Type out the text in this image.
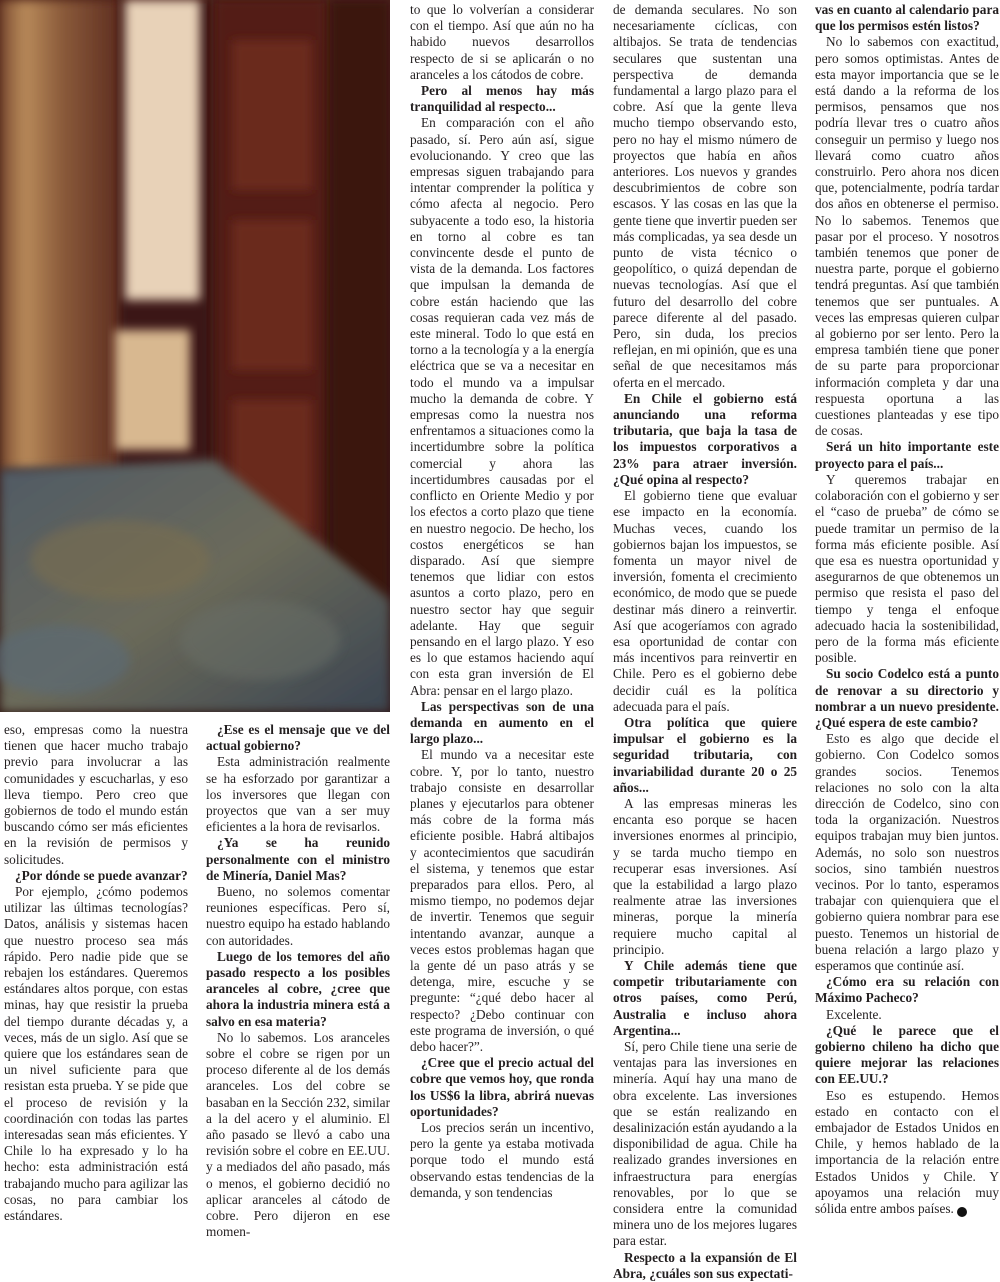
eso, empresas como la nuestra tienen que hacer mucho trabajo previo para involucrar a las comunidades y escucharlas, y eso lleva tiempo. Pero creo que gobiernos de todo el mundo están buscando cómo ser más eficientes en la revisión de permisos y solicitudes.

¿Por dónde se puede avanzar?

Por ejemplo, ¿cómo podemos utilizar las últimas tecnologías? Datos, análisis y sistemas hacen que nuestro proceso sea más rápido. Pero nadie pide que se rebajen los estándares. Queremos estándares altos porque, con estas minas, hay que resistir la prueba del tiempo durante décadas y, a veces, más de un siglo. Así que se quiere que los estándares sean de un nivel suficiente para que resistan esta prueba. Y se pide que el proceso de revisión y la coordinación con todas las partes interesadas sean más eficientes. Y Chile lo ha expresado y lo ha hecho: esta administración está trabajando mucho para agilizar las cosas, no para cambiar los estándares.

¿Ese es el mensaje que ve del actual gobierno?

Esta administración realmente se ha esforzado por garantizar a los inversores que llegan con proyectos que van a ser muy eficientes a la hora de revisarlos.

¿Ya se ha reunido personalmente con el ministro de Minería, Daniel Mas?

Bueno, no solemos comentar reuniones específicas. Pero sí, nuestro equipo ha estado hablando con autoridades.

Luego de los temores del año pasado respecto a los posibles aranceles al cobre, ¿cree que ahora la industria minera está a salvo en esa materia?

No lo sabemos. Los aranceles sobre el cobre se rigen por un proceso diferente al de los demás aranceles. Los del cobre se basaban en la Sección 232, similar a la del acero y el aluminio. El año pasado se llevó a cabo una revisión sobre el cobre en EE.UU. y a mediados del año pasado, más o menos, el gobierno decidió no aplicar aranceles al cátodo de cobre. Pero dijeron en ese momen-

to que lo volverían a considerar con el tiempo. Así que aún no ha habido nuevos desarrollos respecto de si se aplicarán o no aranceles a los cátodos de cobre.

Pero al menos hay más tranquilidad al respecto...

En comparación con el año pasado, sí. Pero aún así, sigue evolucionando. Y creo que las empresas siguen trabajando para intentar comprender la política y cómo afecta al negocio. Pero subyacente a todo eso, la historia en torno al cobre es tan convincente desde el punto de vista de la demanda. Los factores que impulsan la demanda de cobre están haciendo que las cosas requieran cada vez más de este mineral. Todo lo que está en torno a la tecnología y a la energía eléctrica que se va a necesitar en todo el mundo va a impulsar mucho la demanda de cobre. Y empresas como la nuestra nos enfrentamos a situaciones como la incertidumbre sobre la política comercial y ahora las incertidumbres causadas por el conflicto en Oriente Medio y por los efectos a corto plazo que tiene en nuestro negocio. De hecho, los costos energéticos se han disparado. Así que siempre tenemos que lidiar con estos asuntos a corto plazo, pero en nuestro sector hay que seguir adelante. Hay que seguir pensando en el largo plazo. Y eso es lo que estamos haciendo aquí con esta gran inversión de El Abra: pensar en el largo plazo.

Las perspectivas son de una demanda en aumento en el largo plazo...

El mundo va a necesitar este cobre. Y, por lo tanto, nuestro trabajo consiste en desarrollar planes y ejecutarlos para obtener más cobre de la forma más eficiente posible. Habrá altibajos y acontecimientos que sacudirán el sistema, y tenemos que estar preparados para ellos. Pero, al mismo tiempo, no podemos dejar de invertir. Tenemos que seguir intentando avanzar, aunque a veces estos problemas hagan que la gente dé un paso atrás y se detenga, mire, escuche y se pregunte: “¿qué debo hacer al respecto? ¿Debo continuar con este programa de inversión, o qué debo hacer?”.

¿Cree que el precio actual del cobre que vemos hoy, que ronda los US$6 la libra, abrirá nuevas oportunidades?

Los precios serán un incentivo, pero la gente ya estaba motivada porque todo el mundo está observando estas tendencias de la demanda, y son tendencias

de demanda seculares. No son necesariamente cíclicas, con altibajos. Se trata de tendencias seculares que sustentan una perspectiva de demanda fundamental a largo plazo para el cobre. Así que la gente lleva mucho tiempo observando esto, pero no hay el mismo número de proyectos que había en años anteriores. Los nuevos y grandes descubrimientos de cobre son escasos. Y las cosas en las que la gente tiene que invertir pueden ser más complicadas, ya sea desde un punto de vista técnico o geopolítico, o quizá dependan de nuevas tecnologías. Así que el futuro del desarrollo del cobre parece diferente al del pasado. Pero, sin duda, los precios reflejan, en mi opinión, que es una señal de que necesitamos más oferta en el mercado.

En Chile el gobierno está anunciando una reforma tributaria, que baja la tasa de los impuestos corporativos a 23% para atraer inversión. ¿Qué opina al respecto?

El gobierno tiene que evaluar ese impacto en la economía. Muchas veces, cuando los gobiernos bajan los impuestos, se fomenta un mayor nivel de inversión, fomenta el crecimiento económico, de modo que se puede destinar más dinero a reinvertir. Así que acogeríamos con agrado esa oportunidad de contar con más incentivos para reinvertir en Chile. Pero es el gobierno debe decidir cuál es la política adecuada para el país.

Otra política que quiere impulsar el gobierno es la seguridad tributaria, con invariabilidad durante 20 o 25 años...

A las empresas mineras les encanta eso porque se hacen inversiones enormes al principio, y se tarda mucho tiempo en recuperar esas inversiones. Así que la estabilidad a largo plazo realmente atrae las inversiones mineras, porque la minería requiere mucho capital al principio.

Y Chile además tiene que competir tributariamente con otros países, como Perú, Australia e incluso ahora Argentina...

Sí, pero Chile tiene una serie de ventajas para las inversiones en minería. Aquí hay una mano de obra excelente. Las inversiones que se están realizando en desalinización están ayudando a la disponibilidad de agua. Chile ha realizado grandes inversiones en infraestructura para energías renovables, por lo que se considera entre la comunidad minera uno de los mejores lugares para estar.

Respecto a la expansión de El Abra, ¿cuáles son sus expectati-

vas en cuanto al calendario para que los permisos estén listos?

No lo sabemos con exactitud, pero somos optimistas. Antes de esta mayor importancia que se le está dando a la reforma de los permisos, pensamos que nos podría llevar tres o cuatro años conseguir un permiso y luego nos llevará como cuatro años construirlo. Pero ahora nos dicen que, potencialmente, podría tardar dos años en obtenerse el permiso. No lo sabemos. Tenemos que pasar por el proceso. Y nosotros también tenemos que poner de nuestra parte, porque el gobierno tendrá preguntas. Así que también tenemos que ser puntuales. A veces las empresas quieren culpar al gobierno por ser lento. Pero la empresa también tiene que poner de su parte para proporcionar información completa y dar una respuesta oportuna a las cuestiones planteadas y ese tipo de cosas.

Será un hito importante este proyecto para el país...

Y queremos trabajar en colaboración con el gobierno y ser el “caso de prueba” de cómo se puede tramitar un permiso de la forma más eficiente posible. Así que esa es nuestra oportunidad y asegurarnos de que obtenemos un permiso que resista el paso del tiempo y tenga el enfoque adecuado hacia la sostenibilidad, pero de la forma más eficiente posible.

Su socio Codelco está a punto de renovar a su directorio y nombrar a un nuevo presidente. ¿Qué espera de este cambio?

Esto es algo que decide el gobierno. Con Codelco somos grandes socios. Tenemos relaciones no solo con la alta dirección de Codelco, sino con toda la organización. Nuestros equipos trabajan muy bien juntos. Además, no solo son nuestros socios, sino también nuestros vecinos. Por lo tanto, esperamos trabajar con quienquiera que el gobierno quiera nombrar para ese puesto. Tenemos un historial de buena relación a largo plazo y esperamos que continúe así.

¿Cómo era su relación con Máximo Pacheco?

Excelente.

¿Qué le parece que el gobierno chileno ha dicho que quiere mejorar las relaciones con EE.UU.?

Eso es estupendo. Hemos estado en contacto con el embajador de Estados Unidos en Chile, y hemos hablado de la importancia de la relación entre Estados Unidos y Chile. Y apoyamos una relación muy sólida entre ambos países. P
